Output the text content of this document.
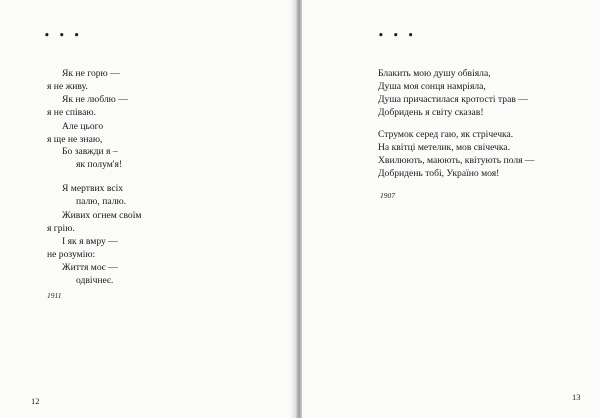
• • •
Як не горю —
я не живу.
Як не люблю —
я не співаю.
Але цього
я ще не знаю,
Бо завжди я –
як полум'я!
Я мертвих всіх
палю, палю.
Живих огнем своїм
я грію.
І як я вмру —
не розумію:
Життя моє —
одвічнеє.
1911
12
• • •
Блакить мою душу обвіяла,
Душа моя сонця намріяла,
Душа причастилася кротості трав —
Добридень я світу сказав!
Струмок серед гаю, як стрічечка.
На квітці метелик, мов свічечка.
Хвилюють, маюють, квітують поля —
Добридень тобі, Україно моя!
1907
13
